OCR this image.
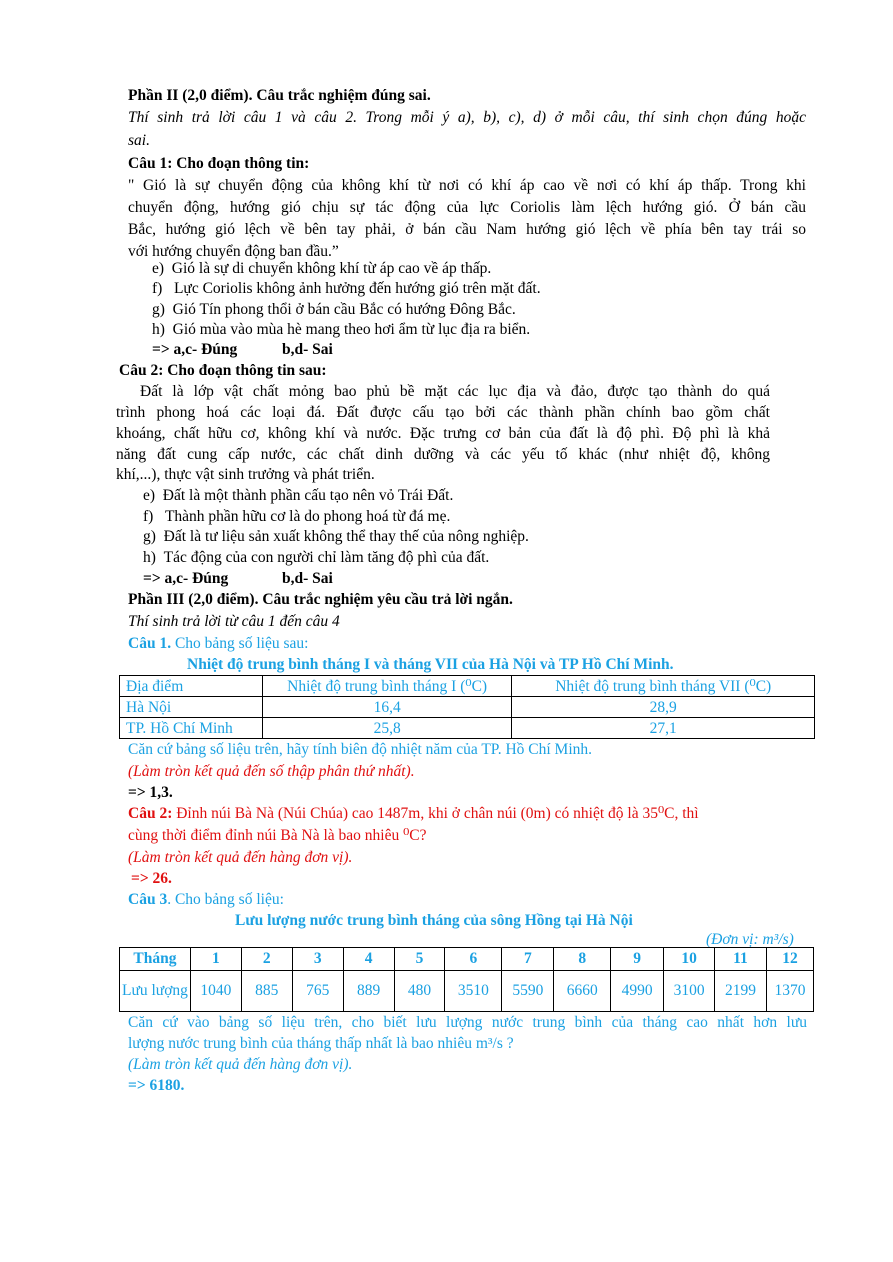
Phần II (2,0 điểm). Câu trắc nghiệm đúng sai.
Thí sinh trả lời câu 1 và câu 2. Trong mỗi ý a), b), c), d) ở mỗi câu, thí sinh chọn đúng hoặc
sai.
Câu 1: Cho đoạn thông tin:
" Gió là sự chuyển động của không khí từ nơi có khí áp cao về nơi có khí áp thấp. Trong khi
chuyển động, hướng gió chịu sự tác động của lực Coriolis làm lệch hướng gió. Ở bán cầu
Bắc, hướng gió lệch về bên tay phải, ở bán cầu Nam hướng gió lệch về phía bên tay trái so
với hướng chuyển động ban đầu.”
e) Gió là sự di chuyển không khí từ áp cao về áp thấp.
f) Lực Coriolis không ảnh hưởng đến hướng gió trên mặt đất.
g) Gió Tín phong thổi ở bán cầu Bắc có hướng Đông Bắc.
h) Gió mùa vào mùa hè mang theo hơi ẩm từ lục địa ra biển.
=> a,c- Đúng	b,d- Sai
Câu 2: Cho đoạn thông tin sau:
Đất là lớp vật chất mỏng bao phủ bề mặt các lục địa và đảo, được tạo thành do quá
trình phong hoá các loại đá. Đất được cấu tạo bởi các thành phần chính bao gồm chất
khoáng, chất hữu cơ, không khí và nước. Đặc trưng cơ bản của đất là độ phì. Độ phì là khả
năng đất cung cấp nước, các chất dinh dưỡng và các yếu tố khác (như nhiệt độ, không
khí,...), thực vật sinh trưởng và phát triển.
e) Đất là một thành phần cấu tạo nên vỏ Trái Đất.
f) Thành phần hữu cơ là do phong hoá từ đá mẹ.
g) Đất là tư liệu sản xuất không thể thay thế của nông nghiệp.
h) Tác động của con người chỉ làm tăng độ phì của đất.
=> a,c- Đúng	b,d- Sai
Phần III (2,0 điểm). Câu trắc nghiệm yêu cầu trả lời ngắn.
Thí sinh trả lời từ câu 1 đến câu 4
Câu 1. Cho bảng số liệu sau:
Nhiệt độ trung bình tháng I và tháng VII của Hà Nội và TP Hồ Chí Minh.
Địa điểm	Nhiệt độ trung bình tháng I (⁰C)	Nhiệt độ trung bình tháng VII (⁰C)
Hà Nội	16,4	28,9
TP. Hồ Chí Minh	25,8	27,1
Căn cứ bảng số liệu trên, hãy tính biên độ nhiệt năm của TP. Hồ Chí Minh.
(Làm tròn kết quả đến số thập phân thứ nhất).
=> 1,3.
Câu 2: Đỉnh núi Bà Nà (Núi Chúa) cao 1487m, khi ở chân núi (0m) có nhiệt độ là 35⁰C, thì
cùng thời điểm đỉnh núi Bà Nà là bao nhiêu ⁰C?
(Làm tròn kết quả đến hàng đơn vị).
=> 26.
Câu 3. Cho bảng số liệu:
Lưu lượng nước trung bình tháng của sông Hồng tại Hà Nội
(Đơn vị: m³/s)
Tháng	1	2	3	4	5	6	7	8	9	10	11	12
Lưu lượng	1040	885	765	889	480	3510	5590	6660	4990	3100	2199	1370
Căn cứ vào bảng số liệu trên, cho biết lưu lượng nước trung bình của tháng cao nhất hơn lưu
lượng nước trung bình của tháng thấp nhất là bao nhiêu m³/s ?
(Làm tròn kết quả đến hàng đơn vị).
=> 6180.
